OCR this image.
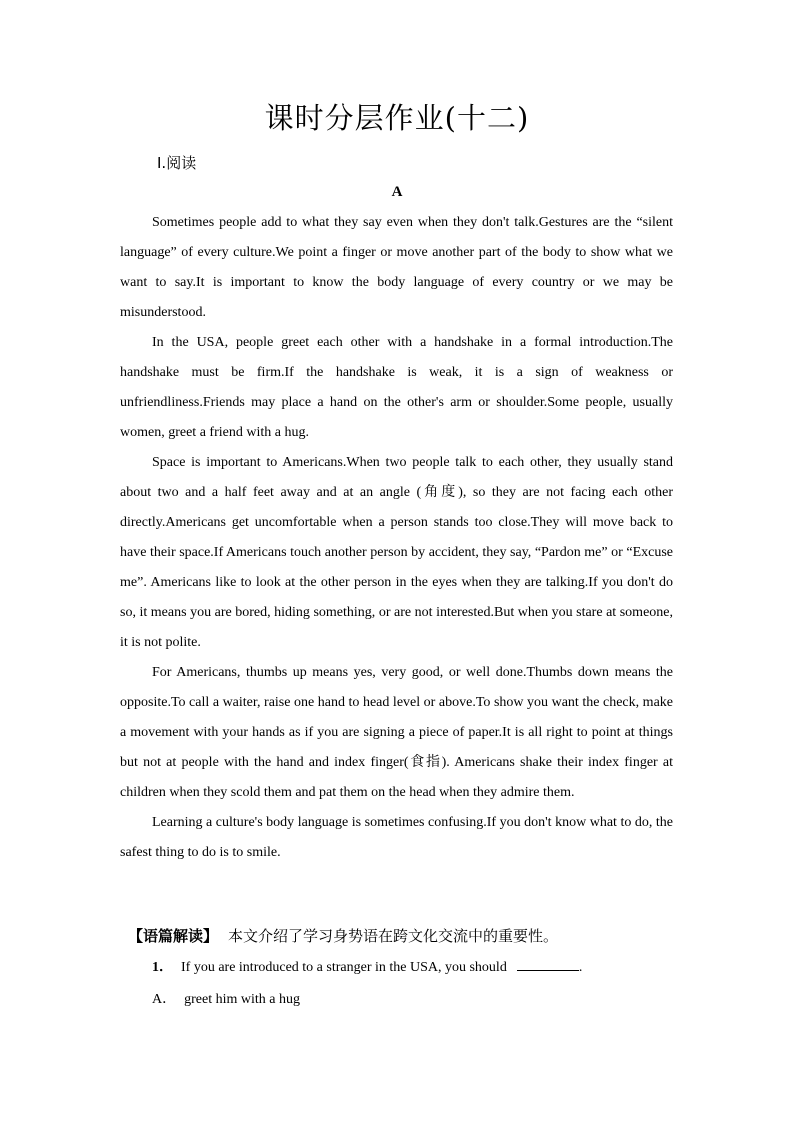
课时分层作业(十二)
Ⅰ.阅读
A

Sometimes people add to what they say even when they don't talk.Gestures are the “silent language” of every culture.We point a finger or move another part of the body to show what we want to say.It is important to know the body language of every country or we may be misunderstood.

In the USA, people greet each other with a handshake in a formal introduction.The handshake must be firm.If the handshake is weak, it is a sign of weakness or unfriendliness.Friends may place a hand on the other's arm or shoulder.Some people, usually women, greet a friend with a hug.

Space is important to Americans.When two people talk to each other, they usually stand about two and a half feet away and at an angle (角度), so they are not facing each other directly.Americans get uncomfortable when a person stands too close.They will move back to have their space.If Americans touch another person by accident, they say, “Pardon me” or “Excuse me”. Americans like to look at the other person in the eyes when they are talking.If you don't do so, it means you are bored, hiding something, or are not interested.But when you stare at someone, it is not polite.

For Americans, thumbs up means yes, very good, or well done.Thumbs down means the opposite.To call a waiter, raise one hand to head level or above.To show you want the check, make a movement with your hands as if you are signing a piece of paper.It is all right to point at things but not at people with the hand and index finger(食指). Americans shake their index finger at children when they scold them and pat them on the head when they admire them.

Learning a culture's body language is sometimes confusing.If you don't know what to do, the safest thing to do is to smile.

【语篇解读】 本文介绍了学习身势语在跨文化交流中的重要性。
1． If you are introduced to a stranger in the USA, you should	.
A． greet him with a hug
